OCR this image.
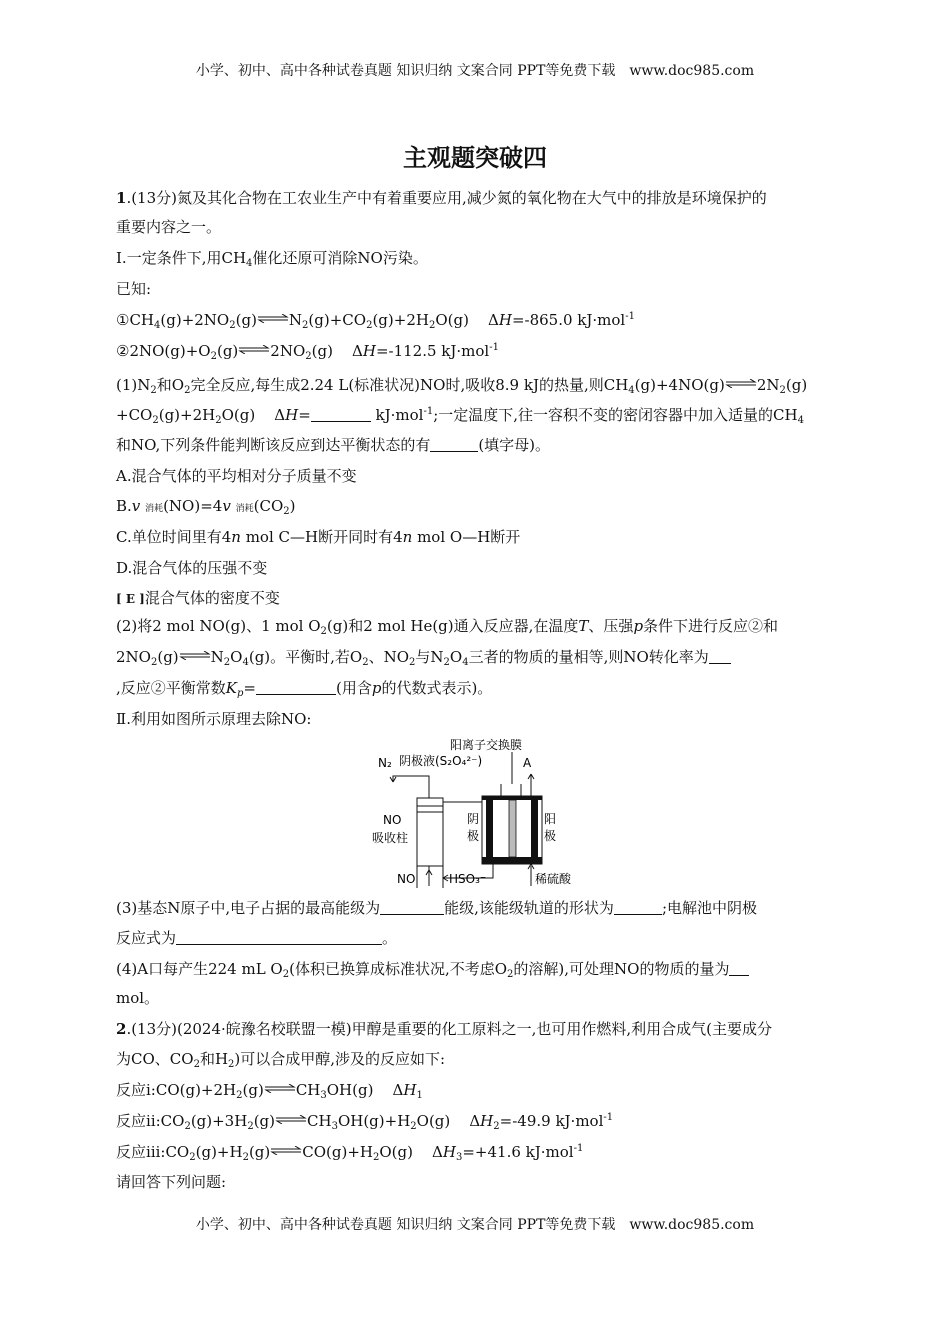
小学、初中、高中各种试卷真题 知识归纳 文案合同 PPT等免费下载　www.doc985.com
主观题突破四
1.(13分)氮及其化合物在工农业生产中有着重要应用,减少氮的氧化物在大气中的排放是环境保护的
重要内容之一。
Ⅰ.一定条件下,用$CH_4$催化还原可消除NO污染。
已知:
$①CH_4(g)+2NO_2(g)\rightleftharpoons N_2(g)+CO_2(g)+2H_2O(g)$    ΔH=-865.0 kJ·mol$^{-1}$
$②2NO(g)+O_2(g)\rightleftharpoons 2NO_2(g)$    ΔH=-112.5 kJ·mol$^{-1}$
$(1)N_2$和$O_2$完全反应,每生成2.24 L(标准状况)NO时,吸收8.9 kJ的热量,则$CH_4(g)+4NO(g)\rightleftharpoons 2N_2(g)$
$+CO_2(g)+2H_2O(g)$    ΔH=	kJ·mol$^{-1}$;一定温度下,往一容积不变的密闭容器中加入适量的$CH_4$
和NO,下列条件能判断该反应到达平衡状态的有	(填字母)。
A.混合气体的平均相对分子质量不变
B.v 消耗(NO)=4v 消耗$(CO_2)$
C.单位时间里有4n mol C—H断开同时有4n mol O—H断开
D.混合气体的压强不变
[ E ]混合气体的密度不变
(2)将2 mol NO(g)、1 mol $O_2(g)$和2 mol He(g)通入反应器,在温度T、压强p条件下进行反应②和
$2NO_2(g)\rightleftharpoons N_2O_4(g)$。平衡时,若$O_2$、$NO_2$与$N_2O_4$三者的物质的量相等,则NO转化率为
,反应②平衡常数$K_p=$	(用含p的代数式表示)。
Ⅱ.利用如图所示原理去除NO:
阳离子交换膜
N₂ 阴极液(S₂O₄²⁻)	A
NO
吸收柱
阴
极
阳
极
NO	HSO₃⁻	稀硫酸
(3)基态N原子中,电子占据的最高能级为	能级,该能级轨道的形状为	;电解池中阴极
反应式为	。
(4)A口每产生224 mL $O_2$(体积已换算成标准状况,不考虑$O_2$的溶解),可处理NO的物质的量为
mol。
2.(13分)(2024·皖豫名校联盟一模)甲醇是重要的化工原料之一,也可用作燃料,利用合成气(主要成分
为CO、$CO_2$和$H_2$)可以合成甲醇,涉及的反应如下:
反应$ⅰ:CO(g)+2H_2(g)\rightleftharpoons CH_3OH(g)$    $\Delta H_1$
反应$ⅱ:CO_2(g)+3H_2(g)\rightleftharpoons CH_3OH(g)+H_2O(g)$    $\Delta H_2=-49.9$ kJ·mol$^{-1}$
反应$ⅲ:CO_2(g)+H_2(g)\rightleftharpoons CO(g)+H_2O(g)$    $\Delta H_3=+41.6$ kJ·mol$^{-1}$
请回答下列问题:
小学、初中、高中各种试卷真题 知识归纳 文案合同 PPT等免费下载　www.doc985.com
